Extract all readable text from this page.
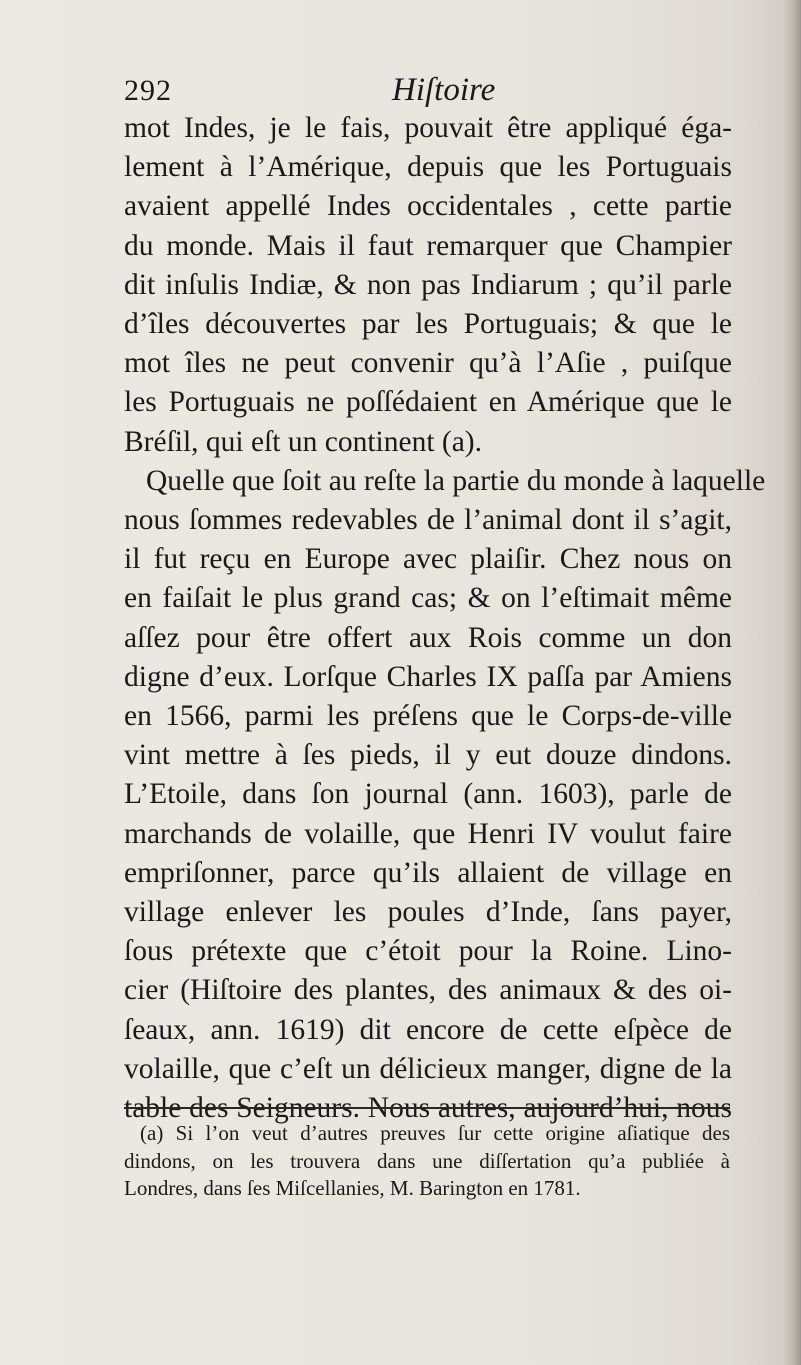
292	Hiſtoire
mot Indes, je le fais, pouvait être appliqué éga-
lement à l’Amérique, depuis que les Portuguais
avaient appellé Indes occidentales , cette partie
du monde. Mais il faut remarquer que Champier
dit inſulis Indiæ, & non pas Indiarum ; qu’il parle
d’îles découvertes par les Portuguais; & que le
mot îles ne peut convenir qu’à l’Aſie , puiſque
les Portuguais ne poſſédaient en Amérique que le
Bréſil, qui eſt un continent (a).
Quelle que ſoit au reſte la partie du monde à laquelle
nous ſommes redevables de l’animal dont il s’agit,
il fut reçu en Europe avec plaiſir. Chez nous on
en faiſait le plus grand cas; & on l’eſtimait même
aſſez pour être offert aux Rois comme un don
digne d’eux. Lorſque Charles IX paſſa par Amiens
en 1566, parmi les préſens que le Corps-de-ville
vint mettre à ſes pieds, il y eut douze dindons.
L’Etoile, dans ſon journal (ann. 1603), parle de
marchands de volaille, que Henri IV voulut faire
empriſonner, parce qu’ils allaient de village en
village enlever les poules d’Inde, ſans payer,
ſous prétexte que c’étoit pour la Roine. Lino-
cier (Hiſtoire des plantes, des animaux & des oi-
ſeaux, ann. 1619) dit encore de cette eſpèce de
volaille, que c’eſt un délicieux manger, digne de la
table des Seigneurs. Nous autres, aujourd’hui, nous
(a) Si l’on veut d’autres preuves ſur cette origine aſiatique des
dindons, on les trouvera dans une diſſertation qu’a publiée à
Londres, dans ſes Miſcellanies, M. Barington en 1781.
